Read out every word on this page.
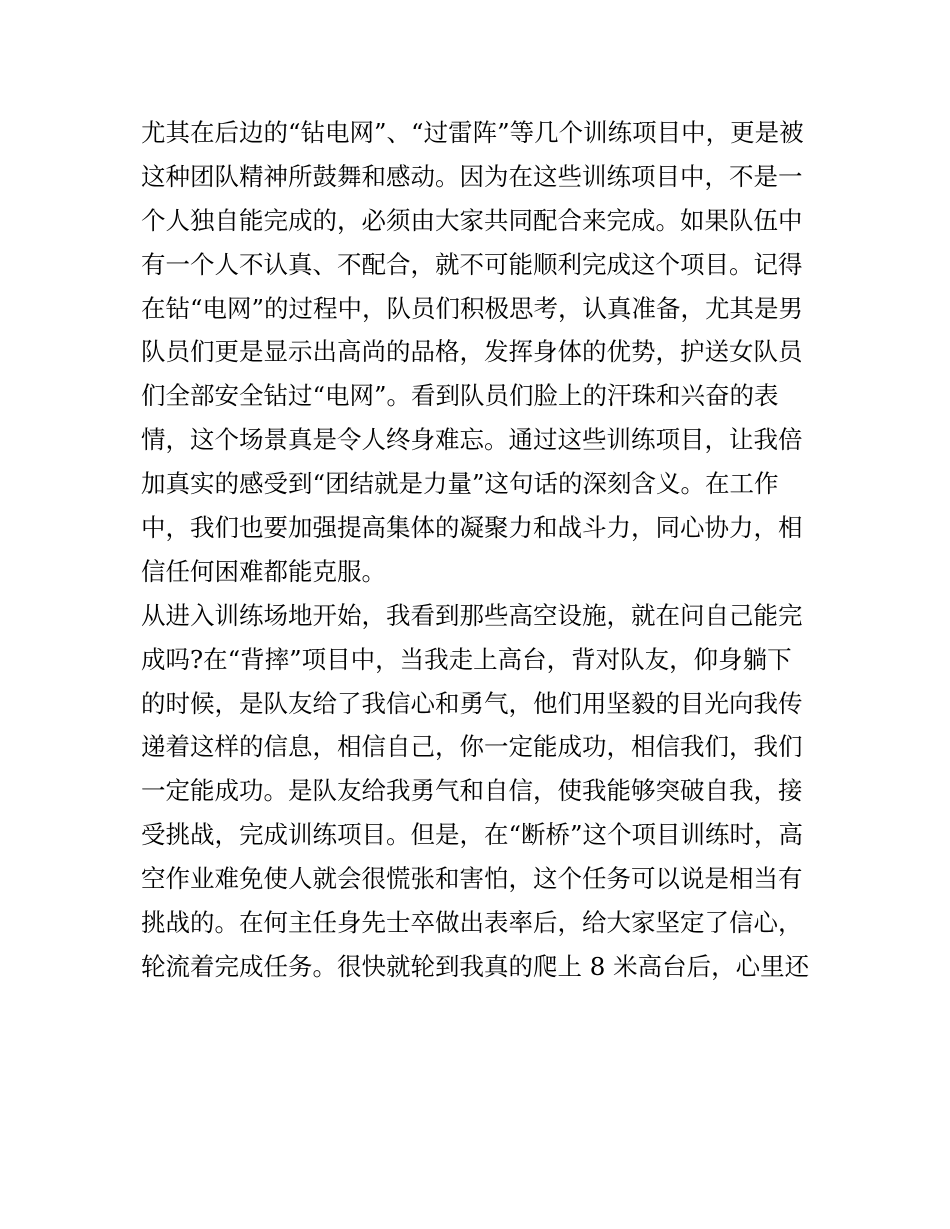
尤其在后边的“钻电网”、“过雷阵”等几个训练项目中，更是被
这种团队精神所鼓舞和感动。因为在这些训练项目中，不是一
个人独自能完成的，必须由大家共同配合来完成。如果队伍中
有一个人不认真、不配合，就不可能顺利完成这个项目。记得
在钻“电网”的过程中，队员们积极思考，认真准备，尤其是男
队员们更是显示出高尚的品格，发挥身体的优势，护送女队员
们全部安全钻过“电网”。看到队员们脸上的汗珠和兴奋的表
情，这个场景真是令人终身难忘。通过这些训练项目，让我倍
加真实的感受到“团结就是力量”这句话的深刻含义。在工作
中，我们也要加强提高集体的凝聚力和战斗力，同心协力，相
信任何困难都能克服。
从进入训练场地开始，我看到那些高空设施，就在问自己能完
成吗?在“背摔”项目中，当我走上高台，背对队友，仰身躺下
的时候，是队友给了我信心和勇气，他们用坚毅的目光向我传
递着这样的信息，相信自己，你一定能成功，相信我们，我们
一定能成功。是队友给我勇气和自信，使我能够突破自我，接
受挑战，完成训练项目。但是，在“断桥”这个项目训练时，高
空作业难免使人就会很慌张和害怕，这个任务可以说是相当有
挑战的。在何主任身先士卒做出表率后，给大家坚定了信心，
轮流着完成任务。很快就轮到我真的爬上 8 米高台后，心里还
